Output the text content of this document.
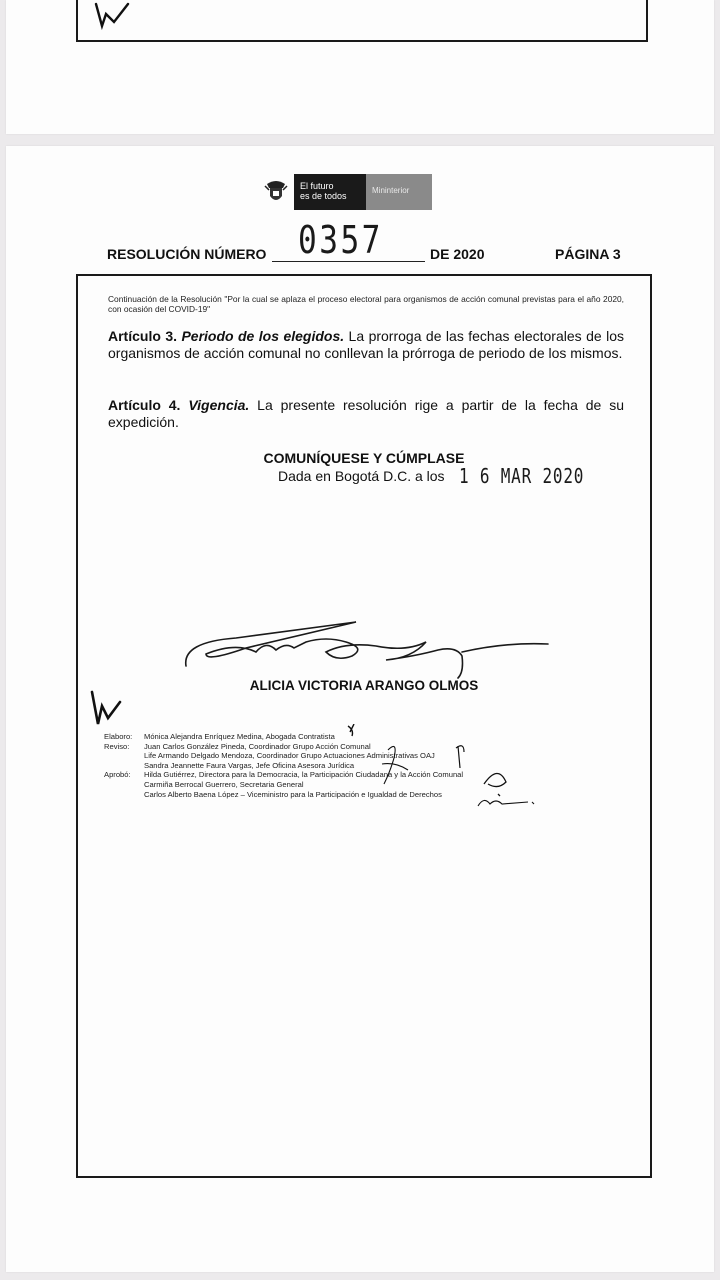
El futuro
es de todos
Mininterior
RESOLUCIÓN NÚMERO 0357	DE 2020	PÁGINA 3
Continuación de la Resolución "Por la cual se aplaza el proceso electoral para organismos de acción comunal previstas para el año 2020, con ocasión del COVID-19"
Artículo 3. Periodo de los elegidos. La prorroga de las fechas electorales de los organismos de acción comunal no conllevan la prórroga de periodo de los mismos.
Artículo 4. Vigencia. La presente resolución rige a partir de la fecha de su expedición.
COMUNÍQUESE Y CÚMPLASE
Dada en Bogotá D.C. a los 1 6 MAR 2020
ALICIA VICTORIA ARANGO OLMOS
Elaboro:
Reviso:
Aprobó:
Mónica Alejandra Enríquez Medina, Abogada Contratista
Juan Carlos González Pineda, Coordinador Grupo Acción Comunal
Life Armando Delgado Mendoza, Coordinador Grupo Actuaciones Administrativas OAJ
Sandra Jeannette Faura Vargas, Jefe Oficina Asesora Jurídica
Hilda Gutiérrez, Directora para la Democracia, la Participación Ciudadana y la Acción Comunal
Carmiña Berrocal Guerrero, Secretaria General
Carlos Alberto Baena López – Viceministro para la Participación e Igualdad de Derechos
